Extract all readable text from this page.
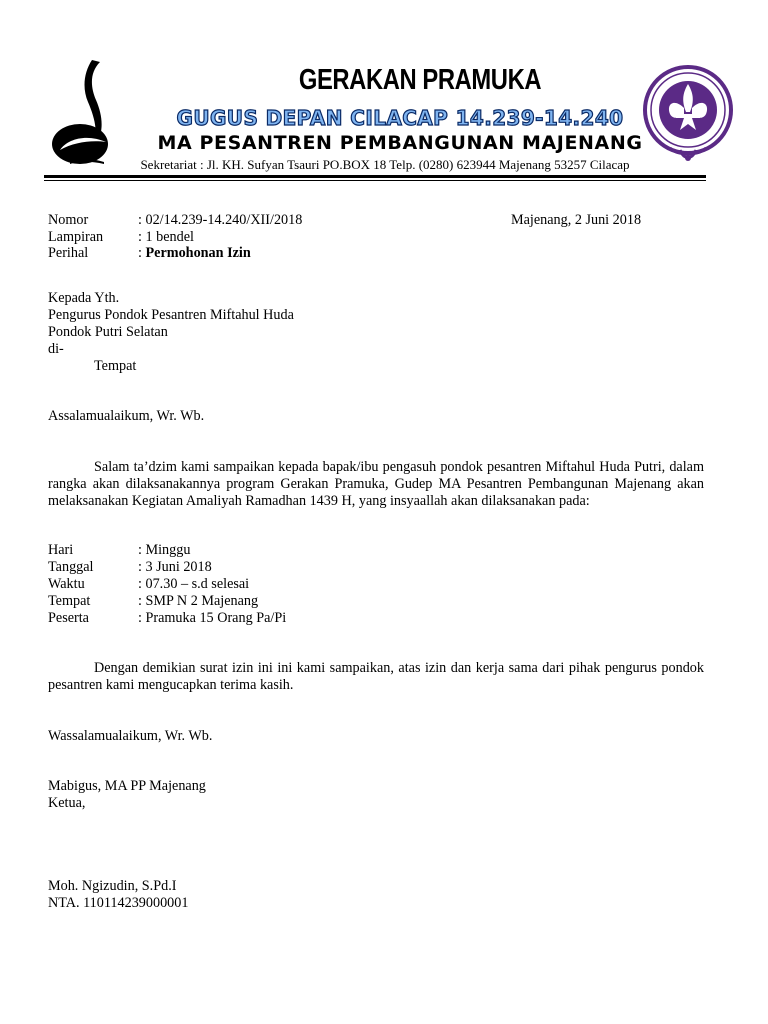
GERAKAN PRAMUKA
GUGUS DEPAN CILACAP 14.239-14.240
MA PESANTREN PEMBANGUNAN MAJENANG
Sekretariat : Jl. KH. Sufyan Tsauri PO.BOX 18 Telp. (0280) 623944 Majenang 53257 Cilacap
Nomor	: 02/14.239-14.240/XII/2018	Majenang, 2 Juni 2018
Lampiran : 1 bendel
Perihal	: Permohonan Izin
Kepada Yth.
Pengurus Pondok Pesantren Miftahul Huda
Pondok Putri Selatan
di-
Tempat
Assalamualaikum, Wr. Wb.
Salam ta’dzim kami sampaikan kepada bapak/ibu pengasuh pondok pesantren Miftahul Huda Putri, dalam rangka akan dilaksanakannya program Gerakan Pramuka, Gudep MA Pesantren Pembangunan Majenang akan melaksanakan Kegiatan Amaliyah Ramadhan 1439 H, yang insyaallah akan dilaksanakan pada:
Hari	: Minggu
Tanggal	: 3 Juni 2018
Waktu	: 07.30 – s.d selesai
Tempat	: SMP N 2 Majenang
Peserta	: Pramuka 15 Orang Pa/Pi
Dengan demikian surat izin ini ini kami sampaikan, atas izin dan kerja sama dari pihak pengurus pondok pesantren kami mengucapkan terima kasih.
Wassalamualaikum, Wr. Wb.
Mabigus, MA PP Majenang
Ketua,
Moh. Ngizudin, S.Pd.I
NTA. 110114239000001
